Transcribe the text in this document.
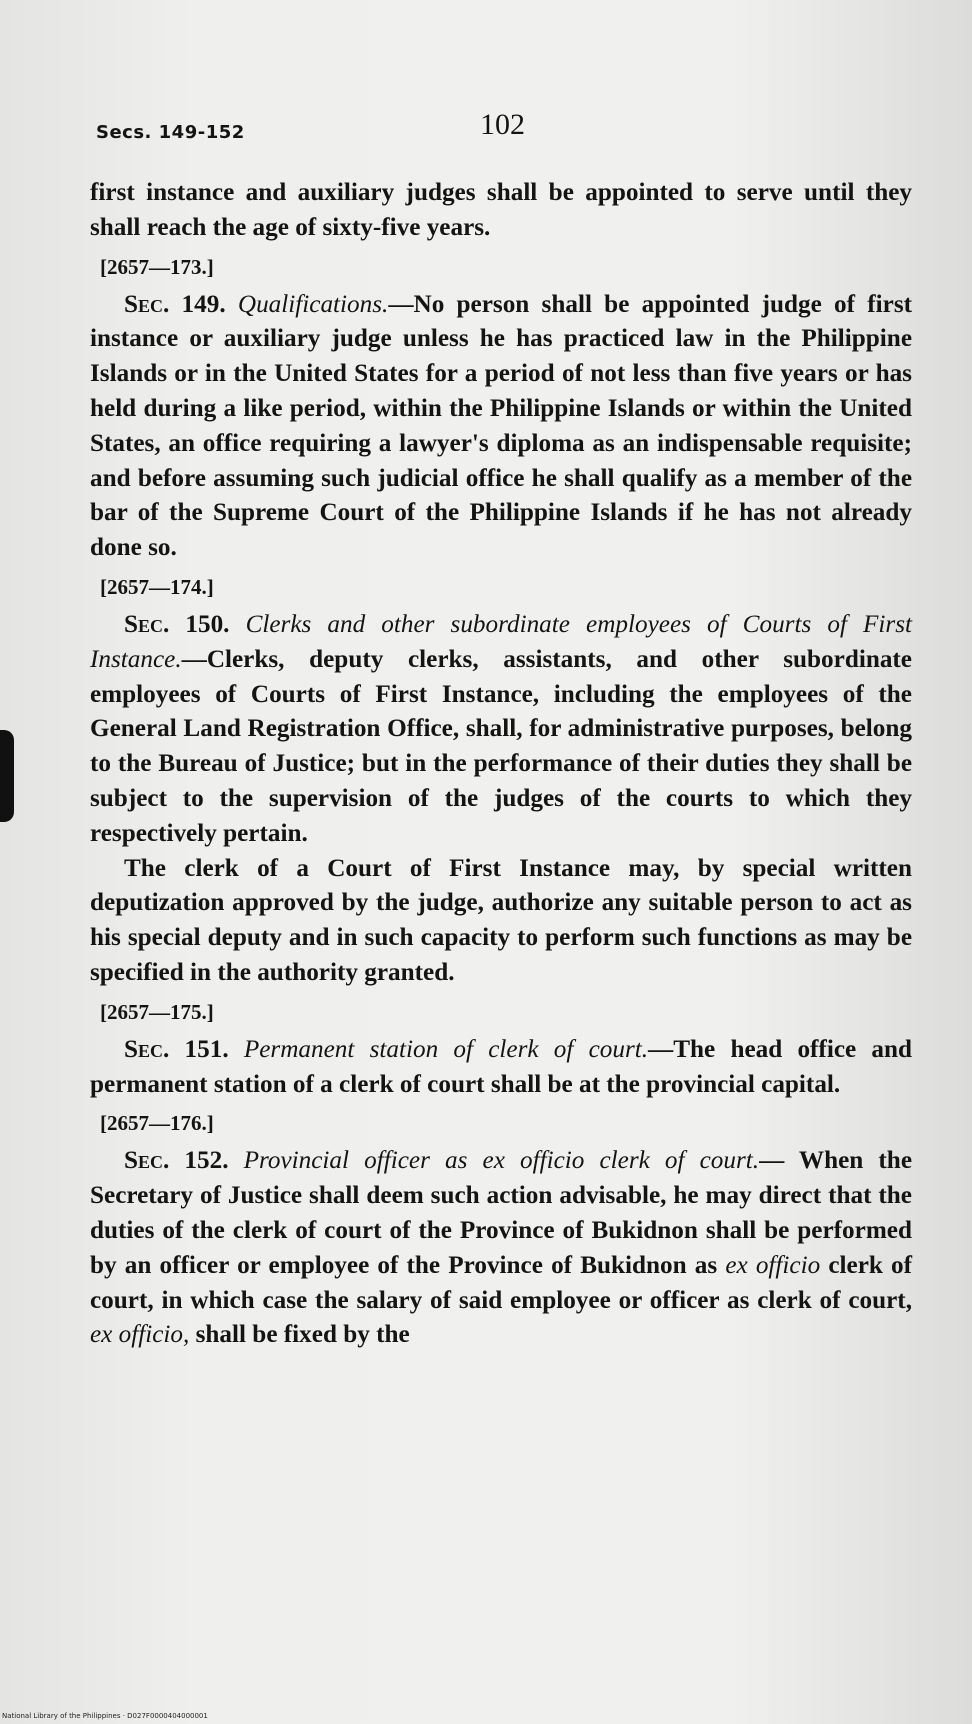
Secs. 149-152	102

first instance and auxiliary judges shall be appointed to serve until they shall reach the age of sixty-five years.

[2657—173.]

Sec. 149. Qualifications.—No person shall be appointed judge of first instance or auxiliary judge unless he has practiced law in the Philippine Islands or in the United States for a period of not less than five years or has held during a like period, within the Philippine Islands or within the United States, an office requiring a lawyer's diploma as an indispensable requisite; and before assuming such judicial office he shall qualify as a member of the bar of the Supreme Court of the Philippine Islands if he has not already done so.

[2657—174.]

Sec. 150. Clerks and other subordinate employees of Courts of First Instance.—Clerks, deputy clerks, assistants, and other subordinate employees of Courts of First Instance, including the employees of the General Land Registration Office, shall, for administrative purposes, belong to the Bureau of Justice; but in the performance of their duties they shall be subject to the supervision of the judges of the courts to which they respectively pertain.

The clerk of a Court of First Instance may, by special written deputization approved by the judge, authorize any suitable person to act as his special deputy and in such capacity to perform such functions as may be specified in the authority granted.

[2657—175.]

Sec. 151. Permanent station of clerk of court.—The head office and permanent station of a clerk of court shall be at the provincial capital.

[2657—176.]

Sec. 152. Provincial officer as ex officio clerk of court.— When the Secretary of Justice shall deem such action advisable, he may direct that the duties of the clerk of court of the Province of Bukidnon shall be performed by an officer or employee of the Province of Bukidnon as ex officio clerk of court, in which case the salary of said employee or officer as clerk of court, ex officio, shall be fixed by the

National Library of the Philippines · D027F0000404000001
